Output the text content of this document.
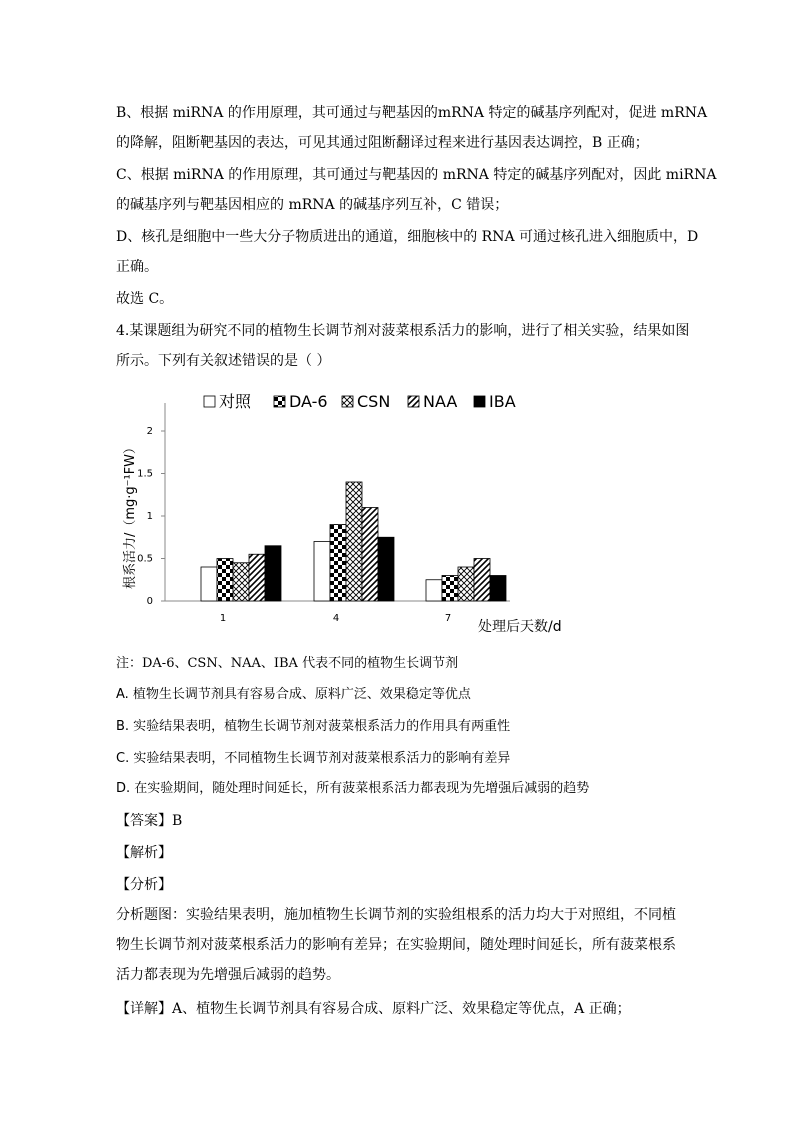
B、根据 miRNA 的作用原理，其可通过与靶基因的mRNA 特定的碱基序列配对，促进 mRNA
的降解，阻断靶基因的表达，可见其通过阻断翻译过程来进行基因表达调控，B 正确；
C、根据 miRNA 的作用原理，其可通过与靶基因的 mRNA 特定的碱基序列配对，因此 miRNA
的碱基序列与靶基因相应的 mRNA 的碱基序列互补，C 错误；
D、核孔是细胞中一些大分子物质进出的通道，细胞核中的 RNA 可通过核孔进入细胞质中，D
正确。
故选 C。
4.某课题组为研究不同的植物生长调节剂对菠菜根系活力的影响，进行了相关实验，结果如图
所示。下列有关叙述错误的是（ ）
对照 DA-6 CSN NAA IBA
0
0.5
1
1.5
2
1	4	7
处理后天数/d
根系活力/（mg·g⁻¹FW）
注：DA-6、CSN、NAA、IBA 代表不同的植物生长调节剂
A. 植物生长调节剂具有容易合成、原料广泛、效果稳定等优点
B. 实验结果表明，植物生长调节剂对菠菜根系活力的作用具有两重性
C. 实验结果表明，不同植物生长调节剂对菠菜根系活力的影响有差异
D. 在实验期间，随处理时间延长，所有菠菜根系活力都表现为先增强后减弱的趋势
【答案】B
【解析】
【分析】
分析题图：实验结果表明，施加植物生长调节剂的实验组根系的活力均大于对照组，不同植
物生长调节剂对菠菜根系活力的影响有差异；在实验期间，随处理时间延长，所有菠菜根系
活力都表现为先增强后减弱的趋势。
【详解】A、植物生长调节剂具有容易合成、原料广泛、效果稳定等优点，A 正确；
